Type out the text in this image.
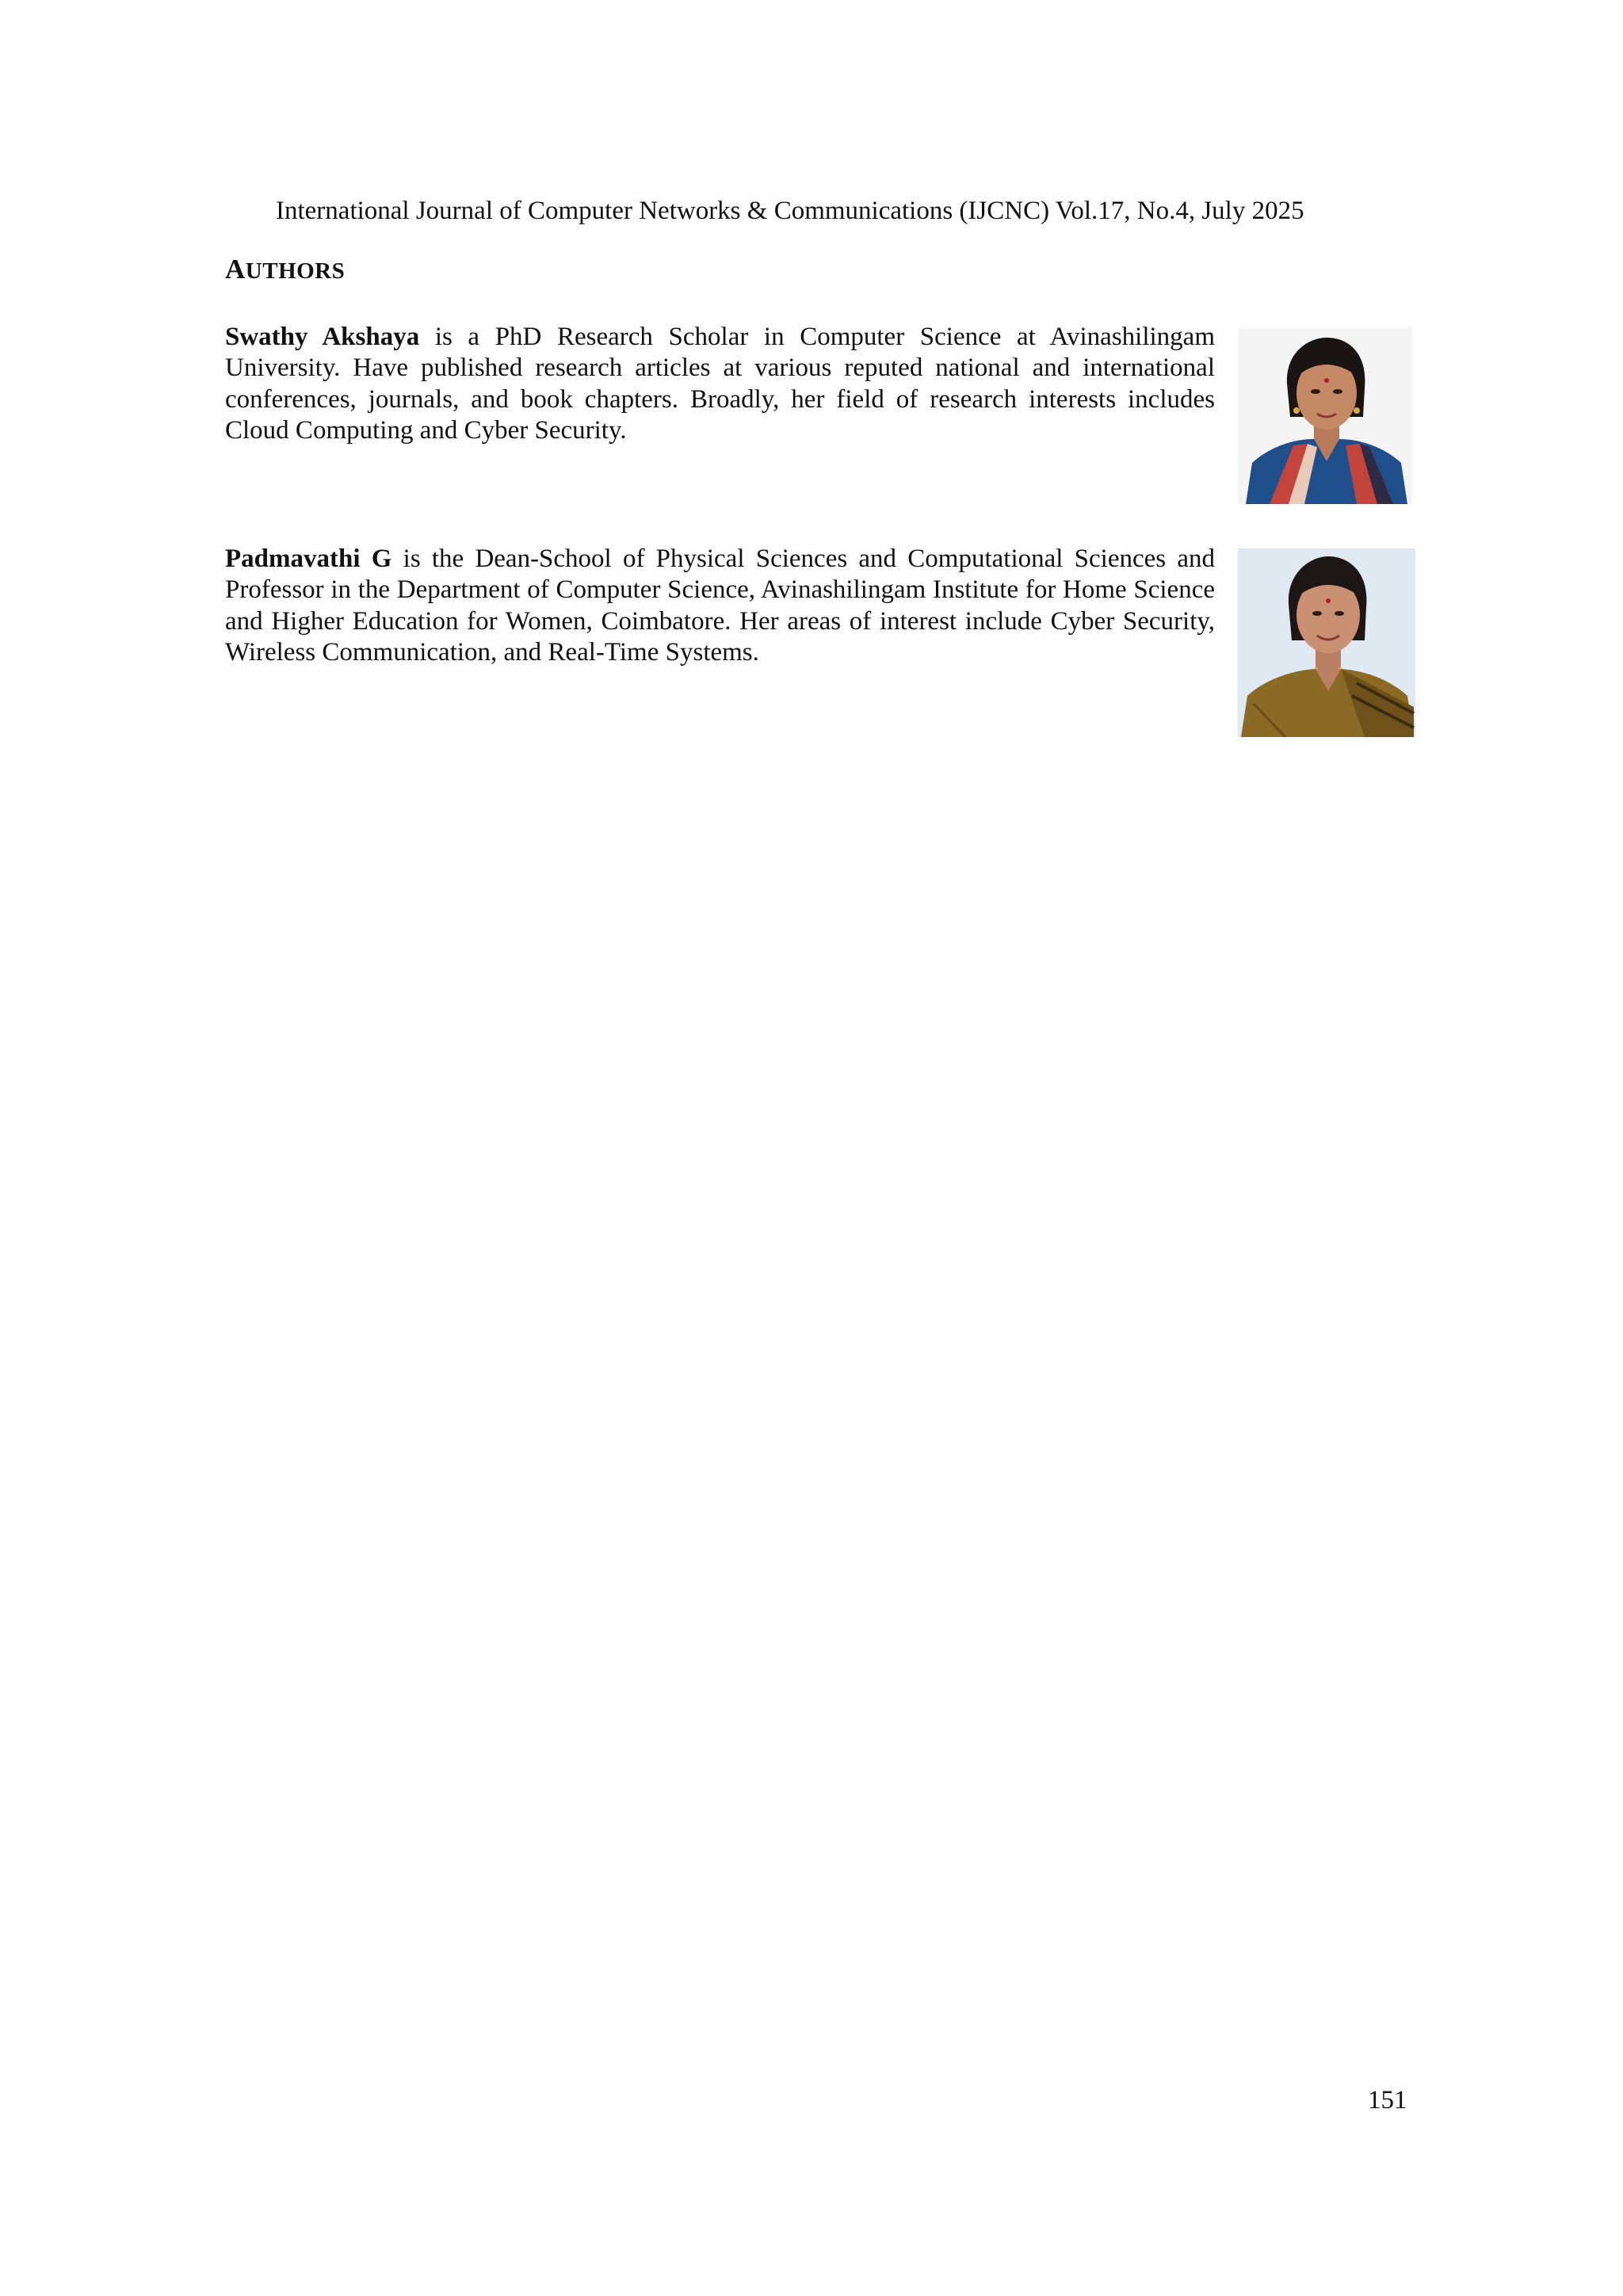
International Journal of Computer Networks & Communications (IJCNC) Vol.17, No.4, July 2025
AUTHORS
Swathy Akshaya is a PhD Research Scholar in Computer Science at Avinashilingam University. Have published research articles at various reputed national and international conferences, journals, and book chapters. Broadly, her field of research interests includes Cloud Computing and Cyber Security.
Padmavathi G is the Dean-School of Physical Sciences and Computational Sciences and Professor in the Department of Computer Science, Avinashilingam Institute for Home Science and Higher Education for Women, Coimbatore. Her areas of interest include Cyber Security, Wireless Communication, and Real-Time Systems.
151
